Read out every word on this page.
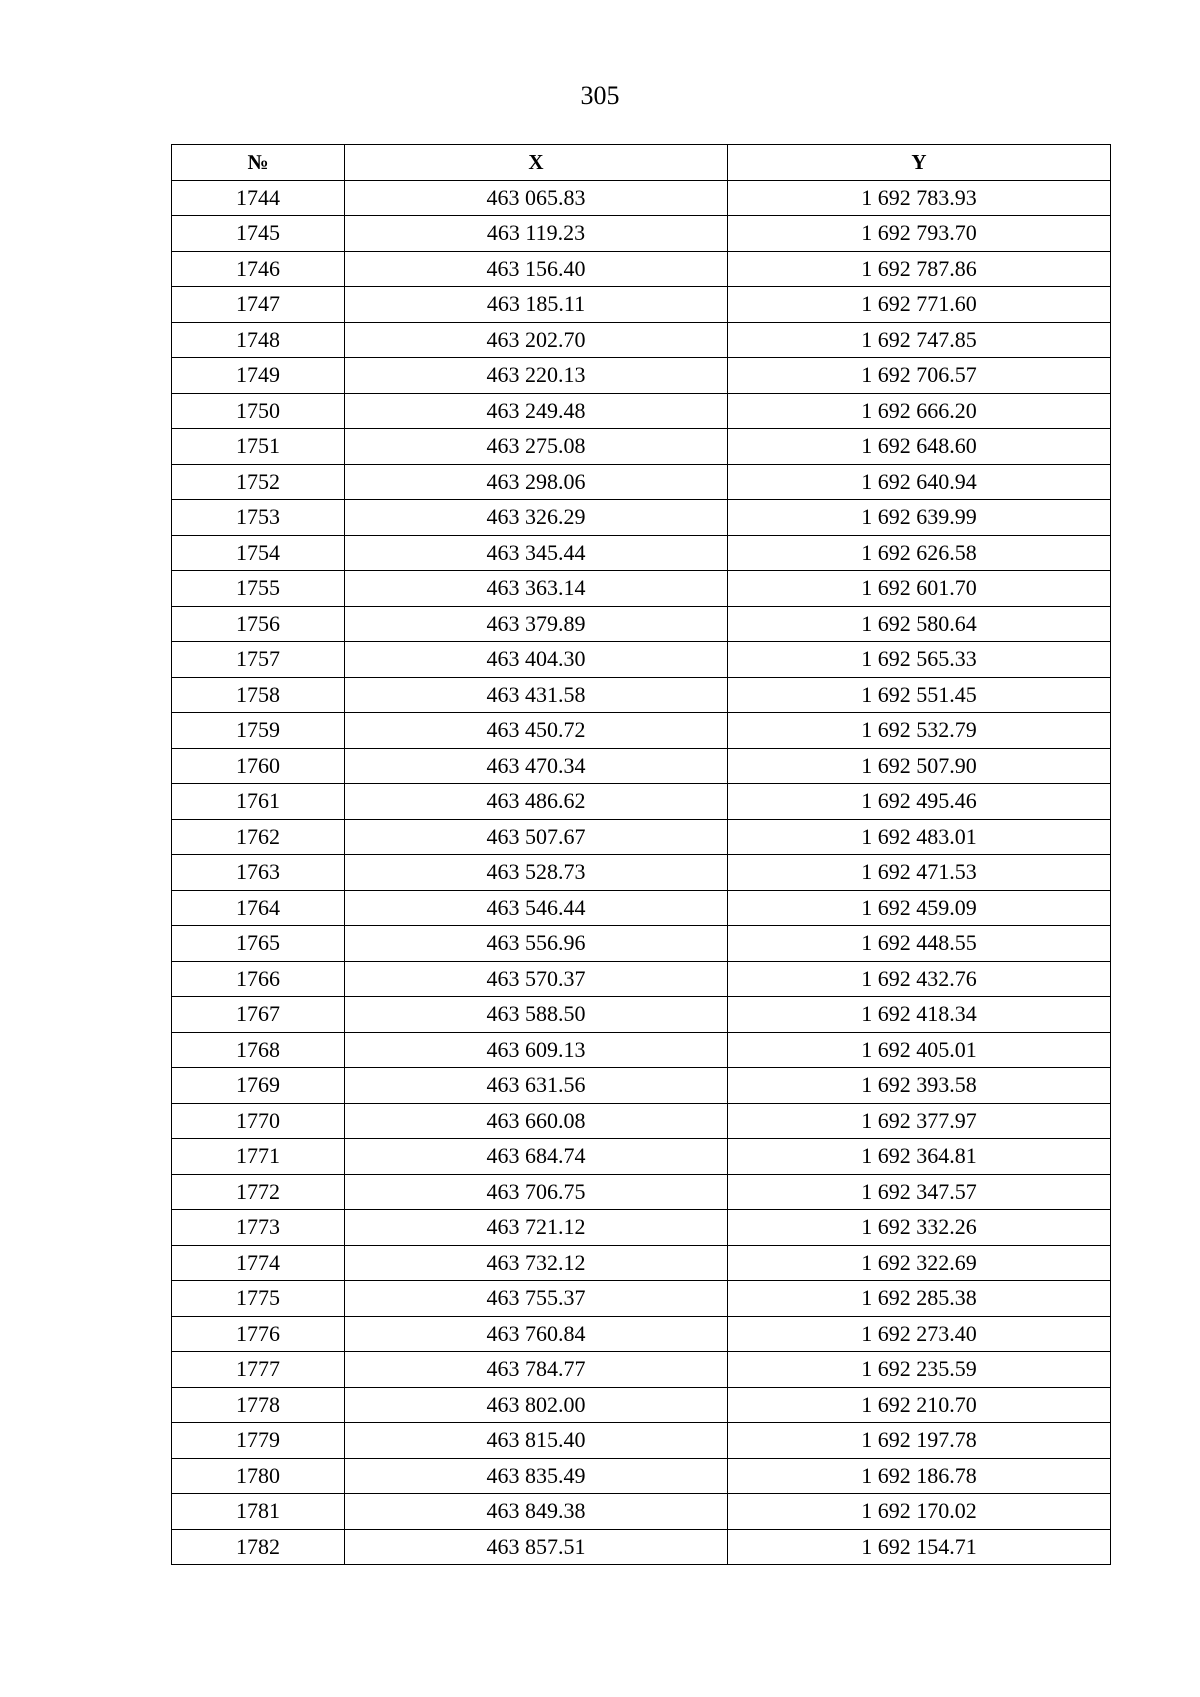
305
№	X	Y
1744	463 065.83	1 692 783.93
1745	463 119.23	1 692 793.70
1746	463 156.40	1 692 787.86
1747	463 185.11	1 692 771.60
1748	463 202.70	1 692 747.85
1749	463 220.13	1 692 706.57
1750	463 249.48	1 692 666.20
1751	463 275.08	1 692 648.60
1752	463 298.06	1 692 640.94
1753	463 326.29	1 692 639.99
1754	463 345.44	1 692 626.58
1755	463 363.14	1 692 601.70
1756	463 379.89	1 692 580.64
1757	463 404.30	1 692 565.33
1758	463 431.58	1 692 551.45
1759	463 450.72	1 692 532.79
1760	463 470.34	1 692 507.90
1761	463 486.62	1 692 495.46
1762	463 507.67	1 692 483.01
1763	463 528.73	1 692 471.53
1764	463 546.44	1 692 459.09
1765	463 556.96	1 692 448.55
1766	463 570.37	1 692 432.76
1767	463 588.50	1 692 418.34
1768	463 609.13	1 692 405.01
1769	463 631.56	1 692 393.58
1770	463 660.08	1 692 377.97
1771	463 684.74	1 692 364.81
1772	463 706.75	1 692 347.57
1773	463 721.12	1 692 332.26
1774	463 732.12	1 692 322.69
1775	463 755.37	1 692 285.38
1776	463 760.84	1 692 273.40
1777	463 784.77	1 692 235.59
1778	463 802.00	1 692 210.70
1779	463 815.40	1 692 197.78
1780	463 835.49	1 692 186.78
1781	463 849.38	1 692 170.02
1782	463 857.51	1 692 154.71
